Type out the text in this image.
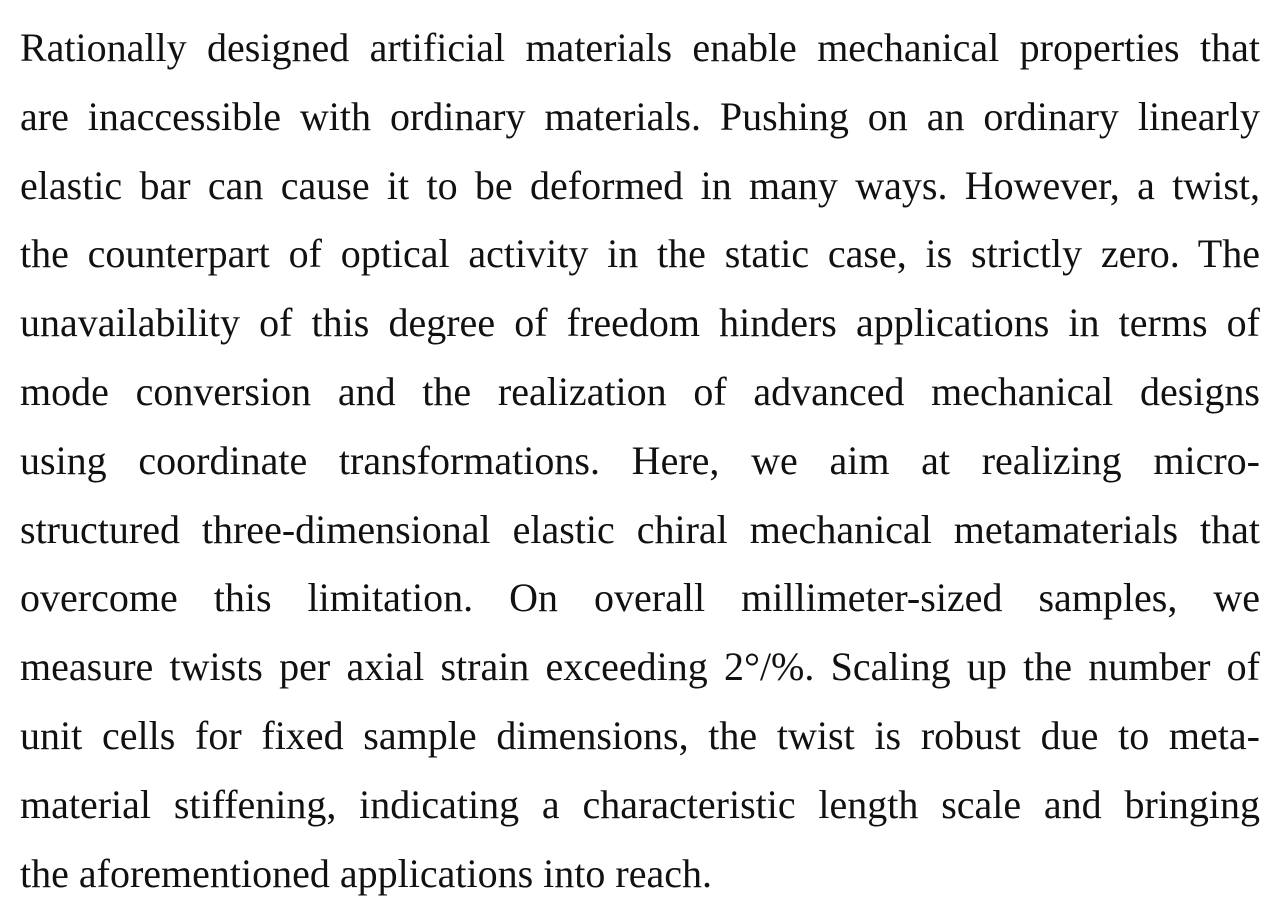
Rationally designed artificial materials enable mechanical properties that
are inaccessible with ordinary materials. Pushing on an ordinary linearly
elastic bar can cause it to be deformed in many ways. However, a twist,
the counterpart of optical activity in the static case, is strictly zero. The
unavailability of this degree of freedom hinders applications in terms of
mode conversion and the realization of advanced mechanical designs
using coordinate transformations. Here, we aim at realizing micro-
structured three-dimensional elastic chiral mechanical metamaterials that
overcome this limitation. On overall millimeter-sized samples, we
measure twists per axial strain exceeding 2°/%. Scaling up the number of
unit cells for fixed sample dimensions, the twist is robust due to meta-
material stiffening, indicating a characteristic length scale and bringing
the aforementioned applications into reach.
